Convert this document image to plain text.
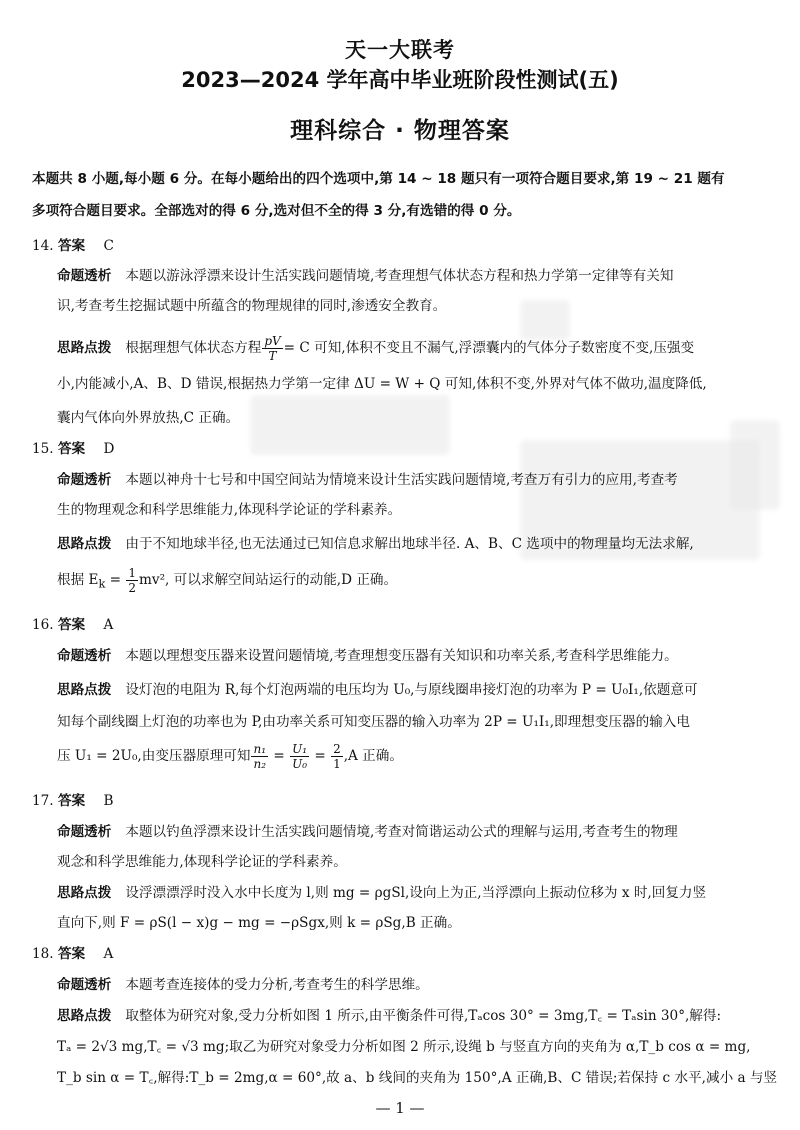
天一大联考
2023—2024 学年高中毕业班阶段性测试(五)
理科综合 · 物理答案
本题共 8 小题,每小题 6 分。在每小题给出的四个选项中,第 14 ~ 18 题只有一项符合题目要求,第 19 ~ 21 题有
多项符合题目要求。全部选对的得 6 分,选对但不全的得 3 分,有选错的得 0 分。
14. 答案 C
命题透析 本题以游泳浮漂来设计生活实践问题情境,考查理想气体状态方程和热力学第一定律等有关知
识,考查考生挖掘试题中所蕴含的物理规律的同时,渗透安全教育。
思路点拨 根据理想气体状态方程 $\frac{pV}{T} = C$ 可知,体积不变且不漏气,浮漂囊内的气体分子数密度不变,压强变
小,内能减小,A、B、D 错误,根据热力学第一定律 ΔU = W + Q 可知,体积不变,外界对气体不做功,温度降低,
囊内气体向外界放热,C 正确。
15. 答案 D
命题透析 本题以神舟十七号和中国空间站为情境来设计生活实践问题情境,考查万有引力的应用,考查考
生的物理观念和科学思维能力,体现科学论证的学科素养。
思路点拨 由于不知地球半径,也无法通过已知信息求解出地球半径. A、B、C 选项中的物理量均无法求解,
根据 $E_k = \frac{1}{2} mv^2$, 可以求解空间站运行的动能,D 正确。
16. 答案 A
命题透析 本题以理想变压器来设置问题情境,考查理想变压器有关知识和功率关系,考查科学思维能力。
思路点拨 设灯泡的电阻为 R,每个灯泡两端的电压均为 U₀,与原线圈串接灯泡的功率为 P = U₀I₁,依题意可
知每个副线圈上灯泡的功率也为 P,由功率关系可知变压器的输入功率为 2P = U₁I₁,即理想变压器的输入电
压 U₁ = 2U₀,由变压器原理可知 $\frac{\text{n₁}}{\text{n₂}} = \frac{\text{U₁}}{\text{U₀}} = \frac{2}{1} ,A$ 正确。
17. 答案 B
命题透析 本题以钓鱼浮漂来设计生活实践问题情境,考查对简谐运动公式的理解与运用,考查考生的物理
观念和科学思维能力,体现科学论证的学科素养。
思路点拨 设浮漂漂浮时没入水中长度为 l,则 mg = ρgSl,设向上为正,当浮漂向上振动位移为 x 时,回复力竖
直向下,则 F = ρS(l − x)g − mg = −ρSgx,则 k = ρSg,B 正确。
18. 答案 A
命题透析 本题考查连接体的受力分析,考查考生的科学思维。
思路点拨 取整体为研究对象,受力分析如图 1 所示,由平衡条件可得,Tₐcos 30° = 3mg,T꜀ = Tₐsin 30°,解得:
Tₐ = 2√3 mg,T꜀ = √3 mg;取乙为研究对象受力分析如图 2 所示,设绳 b 与竖直方向的夹角为 α,T_b cos α = mg,
T_b sin α = T꜀,解得:T_b = 2mg,α = 60°,故 a、b 线间的夹角为 150°,A 正确,B、C 错误;若保持 c 水平,减小 a 与竖
— 1 —
